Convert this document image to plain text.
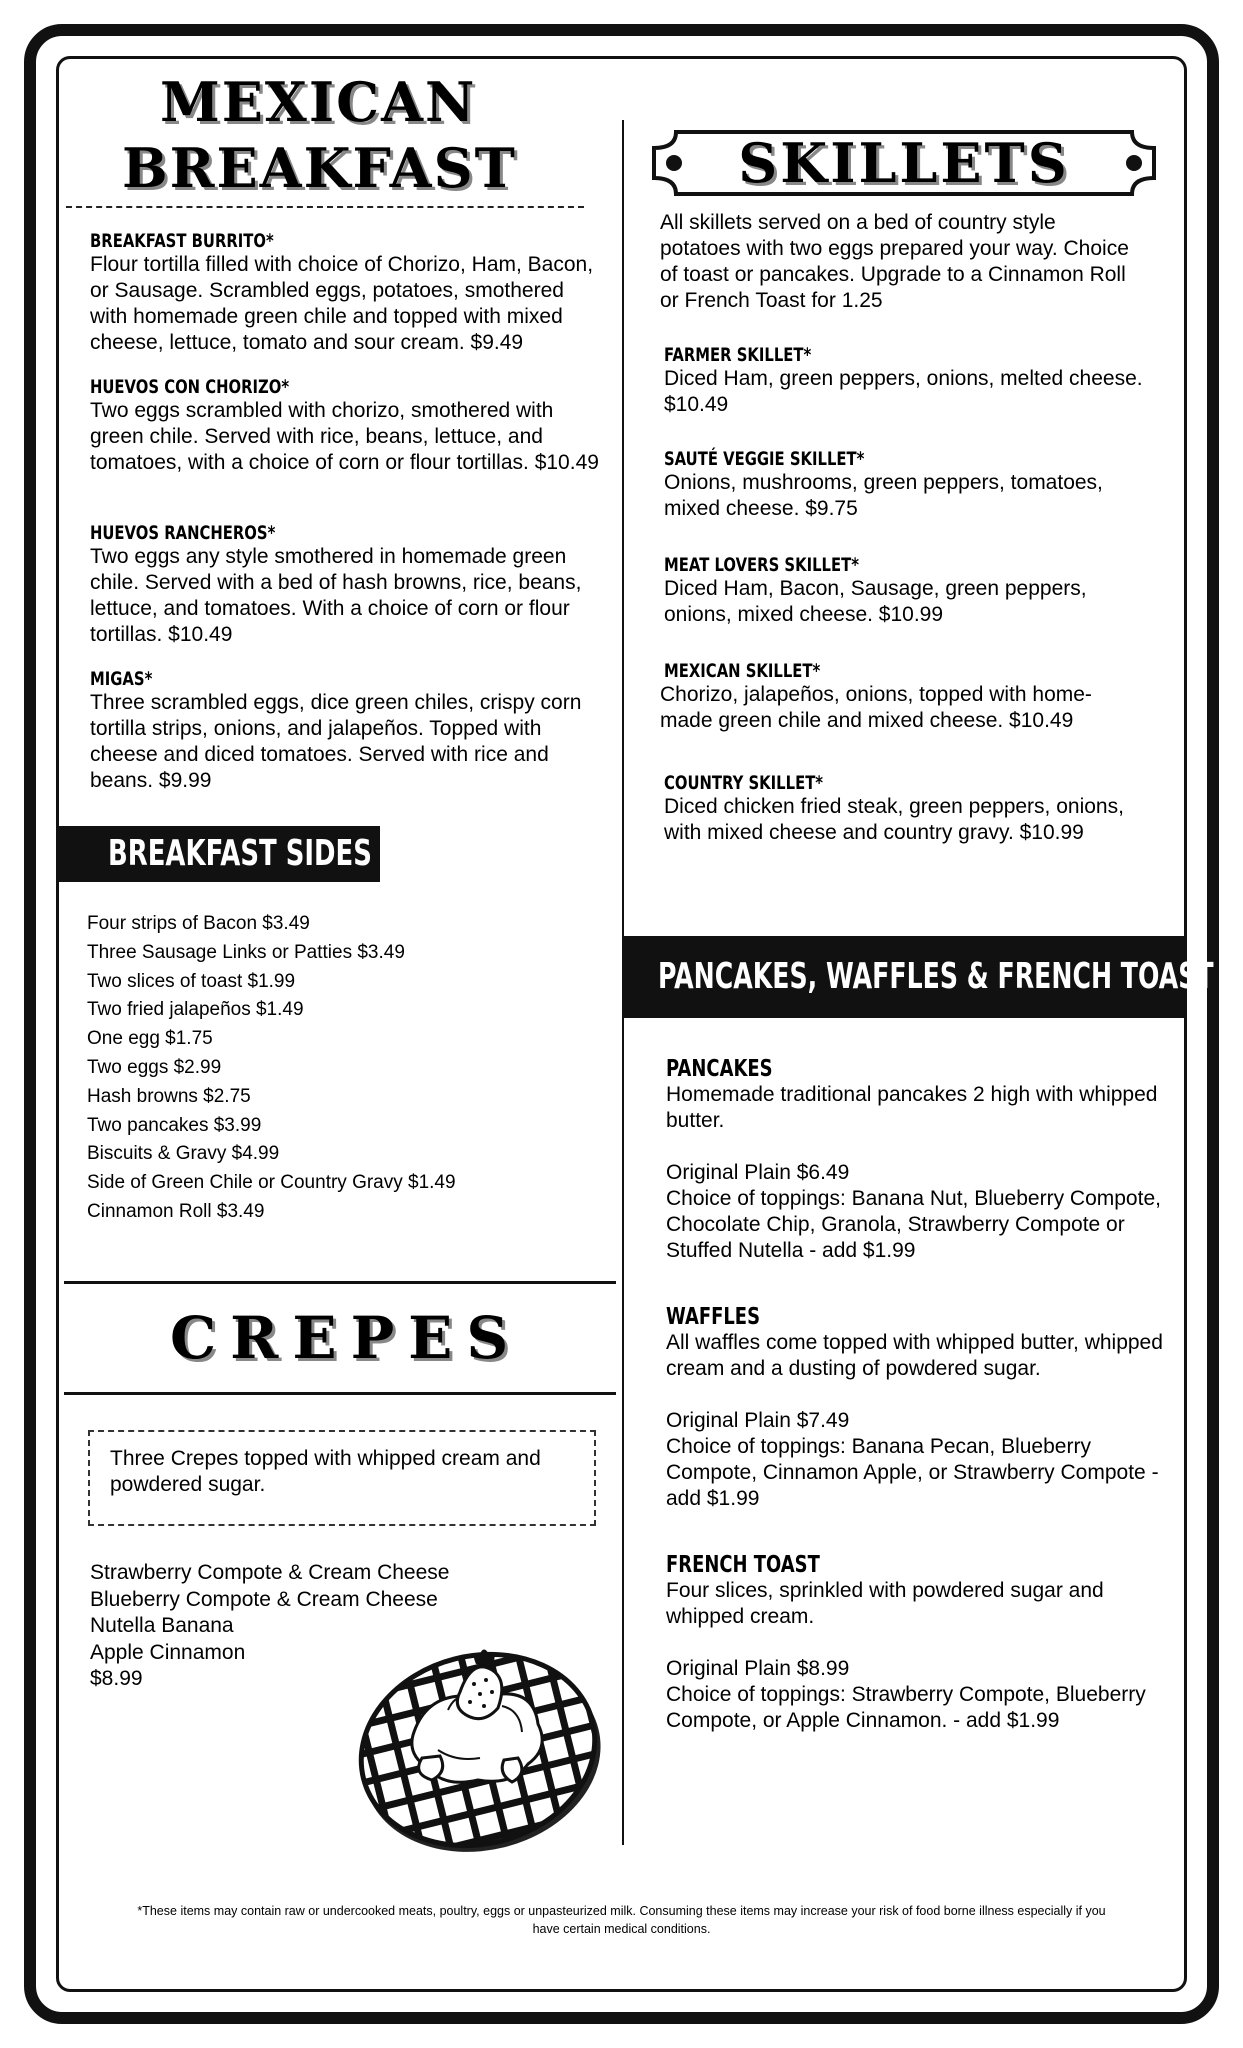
MEXICAN
BREAKFAST
BREAKFAST BURRITO*
Flour tortilla filled with choice of Chorizo, Ham, Bacon, or Sausage. Scrambled eggs, potatoes, smothered with homemade green chile and topped with mixed cheese, lettuce, tomato and sour cream. $9.49
HUEVOS CON CHORIZO*
Two eggs scrambled with chorizo, smothered with green chile. Served with rice, beans, lettuce, and tomatoes, with a choice of corn or flour tortillas. $10.49
HUEVOS RANCHEROS*
Two eggs any style smothered in homemade green chile. Served with a bed of hash browns, rice, beans, lettuce, and tomatoes. With a choice of corn or flour tortillas. $10.49
MIGAS*
Three scrambled eggs, dice green chiles, crispy corn tortilla strips, onions, and jalapeños. Topped with cheese and diced tomatoes. Served with rice and beans. $9.99
BREAKFAST SIDES
Four strips of Bacon $3.49
Three Sausage Links or Patties $3.49
Two slices of toast $1.99
Two fried jalapeños $1.49
One egg $1.75
Two eggs $2.99
Hash browns $2.75
Two pancakes $3.99
Biscuits & Gravy $4.99
Side of Green Chile or Country Gravy $1.49
Cinnamon Roll $3.49
CREPES
Three Crepes topped with whipped cream and powdered sugar.
Strawberry Compote & Cream Cheese
Blueberry Compote & Cream Cheese
Nutella Banana
Apple Cinnamon
$8.99
SKILLETS
All skillets served on a bed of country style potatoes with two eggs prepared your way. Choice of toast or pancakes. Upgrade to a Cinnamon Roll or French Toast for 1.25
FARMER SKILLET*
Diced Ham, green peppers, onions, melted cheese. $10.49
SAUTÉ VEGGIE SKILLET*
Onions, mushrooms, green peppers, tomatoes, mixed cheese. $9.75
MEAT LOVERS SKILLET*
Diced Ham, Bacon, Sausage, green peppers, onions, mixed cheese. $10.99
MEXICAN SKILLET*
Chorizo, jalapeños, onions, topped with home-made green chile and mixed cheese. $10.49
COUNTRY SKILLET*
Diced chicken fried steak, green peppers, onions, with mixed cheese and country gravy. $10.99
PANCAKES, WAFFLES & FRENCH TOAST
PANCAKES
Homemade traditional pancakes 2 high with whipped butter.
Original Plain $6.49
Choice of toppings: Banana Nut, Blueberry Compote, Chocolate Chip, Granola, Strawberry Compote or Stuffed Nutella - add $1.99
WAFFLES
All waffles come topped with whipped butter, whipped cream and a dusting of powdered sugar.
Original Plain $7.49
Choice of toppings: Banana Pecan, Blueberry Compote, Cinnamon Apple, or Strawberry Compote - add $1.99
FRENCH TOAST
Four slices, sprinkled with powdered sugar and whipped cream.
Original Plain $8.99
Choice of toppings: Strawberry Compote, Blueberry Compote, or Apple Cinnamon. - add $1.99
*These items may contain raw or undercooked meats, poultry, eggs or unpasteurized milk. Consuming these items may increase your risk of food borne illness especially if you have certain medical conditions.
